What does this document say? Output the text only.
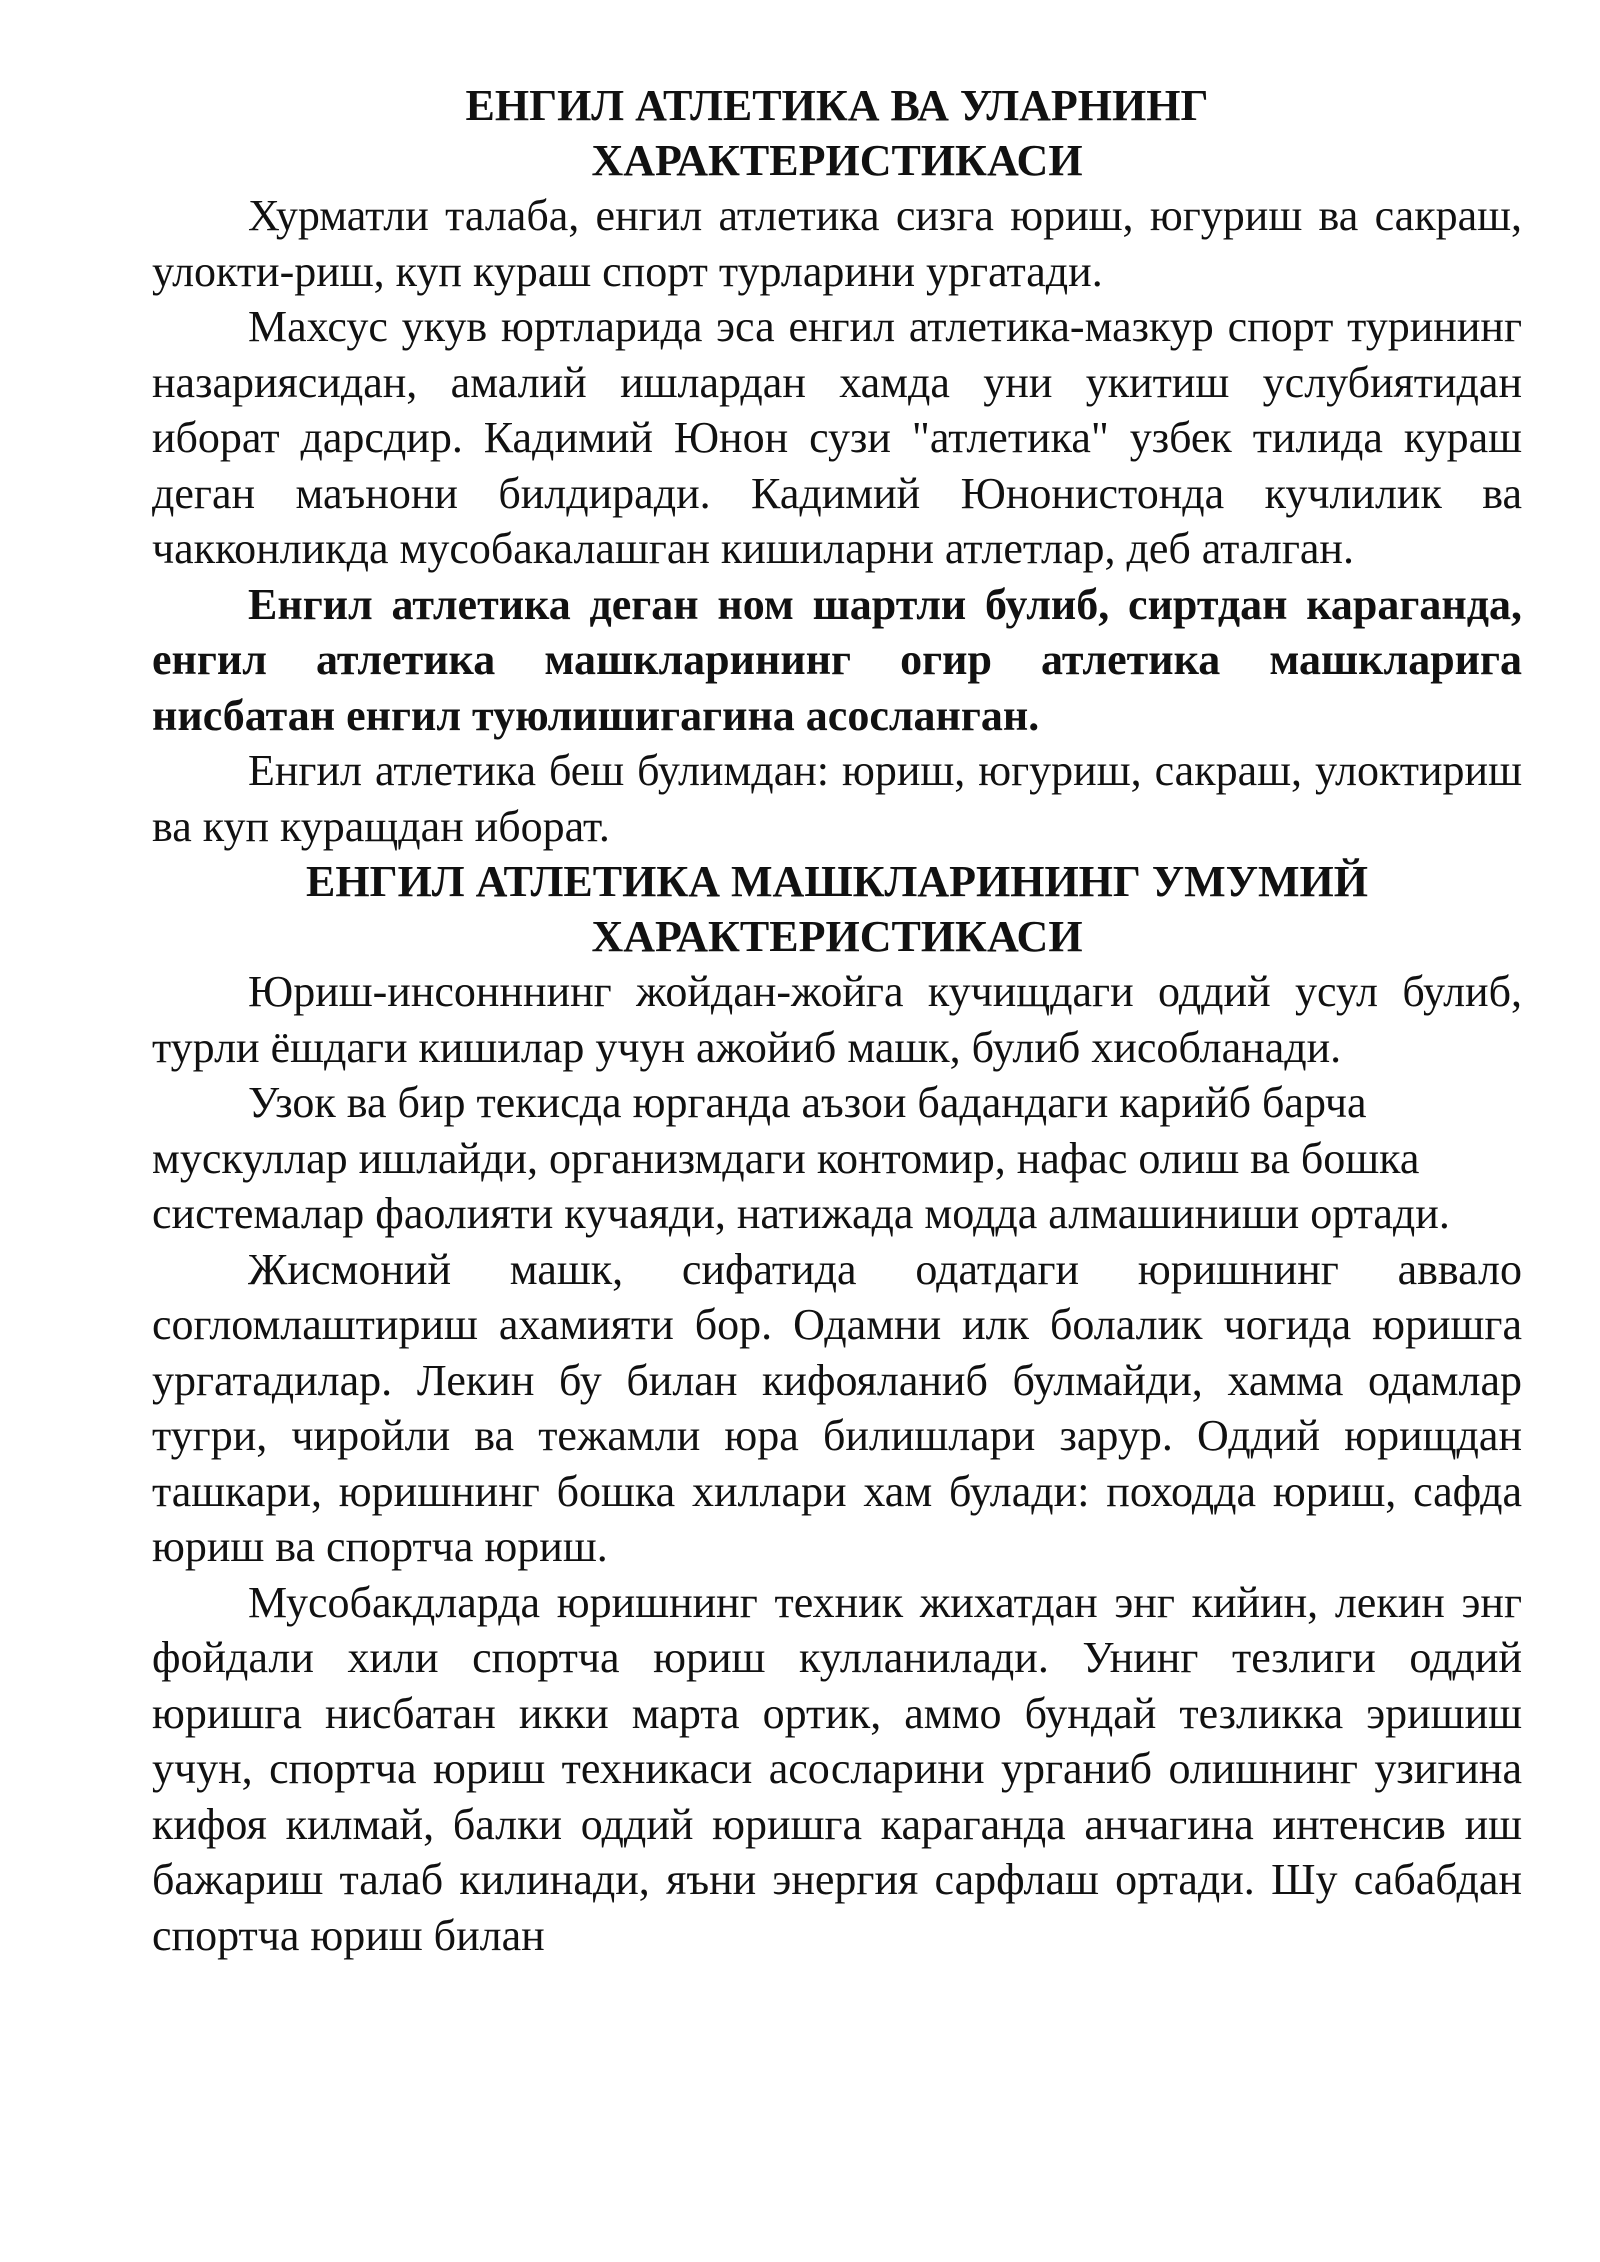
ЕНГИЛ АТЛЕТИКА ВА УЛАРНИНГ
ХАРАКТЕРИСТИКАСИ

Хурматли талаба, енгил атлетика сизга юриш, югуриш ва сакраш, улокти-риш, куп кураш спорт турларини ургатади.

Махсус укув юртларида эса енгил атлетика-мазкур спорт турининг назариясидан, амалий ишлардан хамда уни укитиш услубиятидан иборат дарсдир. Кадимий Юнон сузи "атлетика" узбек тилида кураш деган маънони билдиради. Кадимий Юнонистонда кучлилик ва чакконликда мусобакалашган кишиларни атлетлар, деб аталган.

Енгил атлетика деган ном шартли булиб, сиртдан караганда, енгил атлетика машкларининг огир атлетика машкларига нисбатан енгил туюлишигагина асосланган.

Енгил атлетика беш булимдан: юриш, югуриш, сакраш, улоктириш ва куп куращдан иборат.

ЕНГИЛ АТЛЕТИКА МАШКЛАРИНИНГ УМУМИЙ
ХАРАКТЕРИСТИКАСИ

Юриш-инсонннинг жойдан-жойга кучищдаги оддий усул булиб, турли ёшдаги кишилар учун ажойиб машк, булиб хисобланади.

Узок ва бир текисда юрганда аъзои бадандаги карийб барча мускуллар ишлайди, организмдаги контомир, нафас олиш ва бошка системалар фаолияти кучаяди, натижада модда алмашиниши ортади.

Жисмоний машк, сифатида одатдаги юришнинг аввало согломлаштириш ахамияти бор. Одамни илк болалик чогида юришга ургатадилар. Лекин бу билан кифояланиб булмайди, хамма одамлар тугри, чиройли ва тежамли юра билишлари зарур. Оддий юрищдан ташкари, юришнинг бошка хиллари хам булади: походда юриш, сафда юриш ва спортча юриш.

Мусобакдларда юришнинг техник жихатдан энг кийин, лекин энг фойдали хили спортча юриш кулланилади. Унинг тезлиги оддий юришга нисбатан икки марта ортик, аммо бундай тезликка эришиш учун, спортча юриш техникаси асосларини урганиб олишнинг узигина кифоя килмай, балки оддий юришга караганда анчагина интенсив иш бажариш талаб килинади, яъни энергия сарфлаш ортади. Шу сабабдан спортча юриш билан
